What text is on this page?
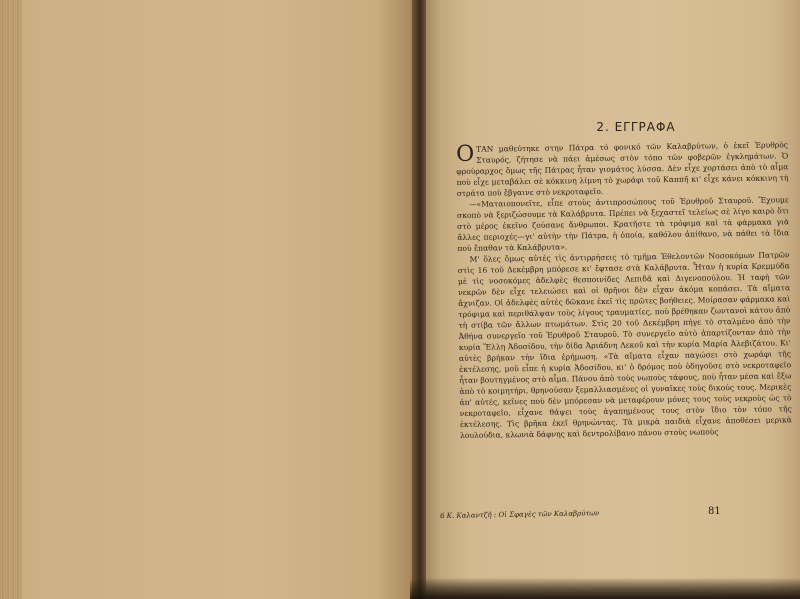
2. ΕΓΓΡΑΦΑ

ΟΤΑΝ μαθεύτηκε στην Πάτρα τό φονικό τῶν Καλαβρύτων, ὁ ἐκεῖ Ἐρυθρὸς Σταυρός, ζήτησε νὰ πάει ἀμέσως στὸν τόπο τῶν φοβερῶν ἐγκλημάτων. Ὁ φρούραρχος ὅμως τῆς Πάτρας ἦταν γιομάτος λύσσα. Δὲν εἶχε χορτάσει ἀπὸ τὸ αἷμα ποὺ εἶχε μεταβάλει σὲ κόκκινη λίμνη τὸ χωράφι τοῦ Καππῆ κι' εἶχε κάνει κόκκινη τὴ στράτα ποὺ ἔβγαινε στὸ νεκροταφεῖο.

—«Ματαιοπονεῖτε, εἶπε στοὺς ἀντιπροσώπους τοῦ Ἐρυθροῦ Σταυροῦ. Ἔχουμε σκοπὸ νὰ ξεριζώσουμε τὰ Καλάβρυτα. Πρέπει νὰ ξεχαστεῖ τελείως σὲ λίγο καιρὸ ὅτι στὸ μέρος ἐκεῖνο ζούσανε ἄνθρωποι. Κρατῆστε τὰ τρόφιμα καὶ τὰ φάρμακα γιὰ ἄλλες περιοχές—γι' αὐτὴν τὴν Πάτρα, ἡ ὁποία, καθόλου ἀπίθανο, νὰ πάθει τὰ ἴδια ποὺ ἔπαθαν τὰ Καλάβρυτα».

Μ' ὅλες ὅμως αὐτὲς τὶς ἀντιρρήσεις τὸ τμῆμα Ἐθελοντῶν Νοσοκόμων Πατρῶν στὶς 16 τοῦ Δεκέμβρη μπόρεσε κι' ἔφτασε στὰ Καλάβρυτα. Ἦταν ἡ κυρία Κρεμμύδα μὲ τὶς νοσοκόμες ἀδελφὲς θεσποινίδες Λεπιδᾶ καὶ Διγενοπούλου. Ἡ ταφὴ τῶν νεκρῶν δὲν εἶχε τελειώσει καὶ οἱ θρῆνοι δὲν εἶχαν ἀκόμα κοπάσει. Τὰ αἵματα ἄχνιζαν. Οἱ ἀδελφὲς αὐτὲς δῶκανε ἐκεῖ τὶς πρῶτες βοήθειες. Μοίρασαν φάρμακα καὶ τρόφιμα καὶ περιθάλψαν τοὺς λίγους τραυματίες, ποὺ βρέθηκαν ζωντανοὶ κάτου ἀπὸ τὴ στίβα τῶν ἄλλων πτωμάτων. Στὶς 20 τοῦ Δεκέμβρη πήγε τὸ σταλμένο ἀπὸ τὴν Ἀθήνα συνεργεῖο τοῦ Ἐρυθροῦ Σταυροῦ. Τὸ συνεργεῖο αὐτὸ ἀπαρτίζονταν ἀπὸ τὴν κυρία Ἔλλη Ἀδοσίδου, τὴν δίδα Ἀριάδνη Λεκοῦ καὶ τὴν κυρία Μαρία Ἀλεβιζάτου. Κι' αὐτὲς βρήκαν τὴν ἴδια ἐρήμωση. «Τὰ αἵματα εἶχαν παγώσει στὸ χωράφι τῆς ἐκτέλεσης, μοῦ εἶπε ἡ κυρία Ἀδοσίδου, κι' ὁ δρόμος ποὺ ὁδηγοῦσε στὸ νεκροταφεῖο ἦταν βουτηγμένος στὸ αἷμα. Πάνου ἀπὸ τοὺς νωποὺς τάφους, ποὺ ἦταν μέσα καὶ ἔξω ἀπὸ τὸ κοιμητήρι, θρηνούσαν ξεμαλλιασμένες οἱ γυναῖκες τοὺς δικούς τους. Μερικὲς ἀπ' αὐτές, κεῖνες ποὺ δὲν μπόρεσαν νὰ μεταφέρουν μόνες τους τοὺς νεκροὺς ὡς τὸ νεκροταφεῖο, εἶχανε θάψει τοὺς ἀγαπημένους τους στὸν ἴδιο τὸν τόπο τῆς ἐκτέλεσης. Τὶς βρῆκα ἐκεῖ θρηνώντας. Τὰ μικρὰ παιδιὰ εἶχανε ἀποθέσει μερικὰ λουλούδια, κλωνιὰ δάφνης καὶ δεντρολίβανο πάνου στοὺς νωποὺς

6 Κ. Καλαντζῆ : Οἱ Σφαγὲς τῶν Καλαβρύτων	81
